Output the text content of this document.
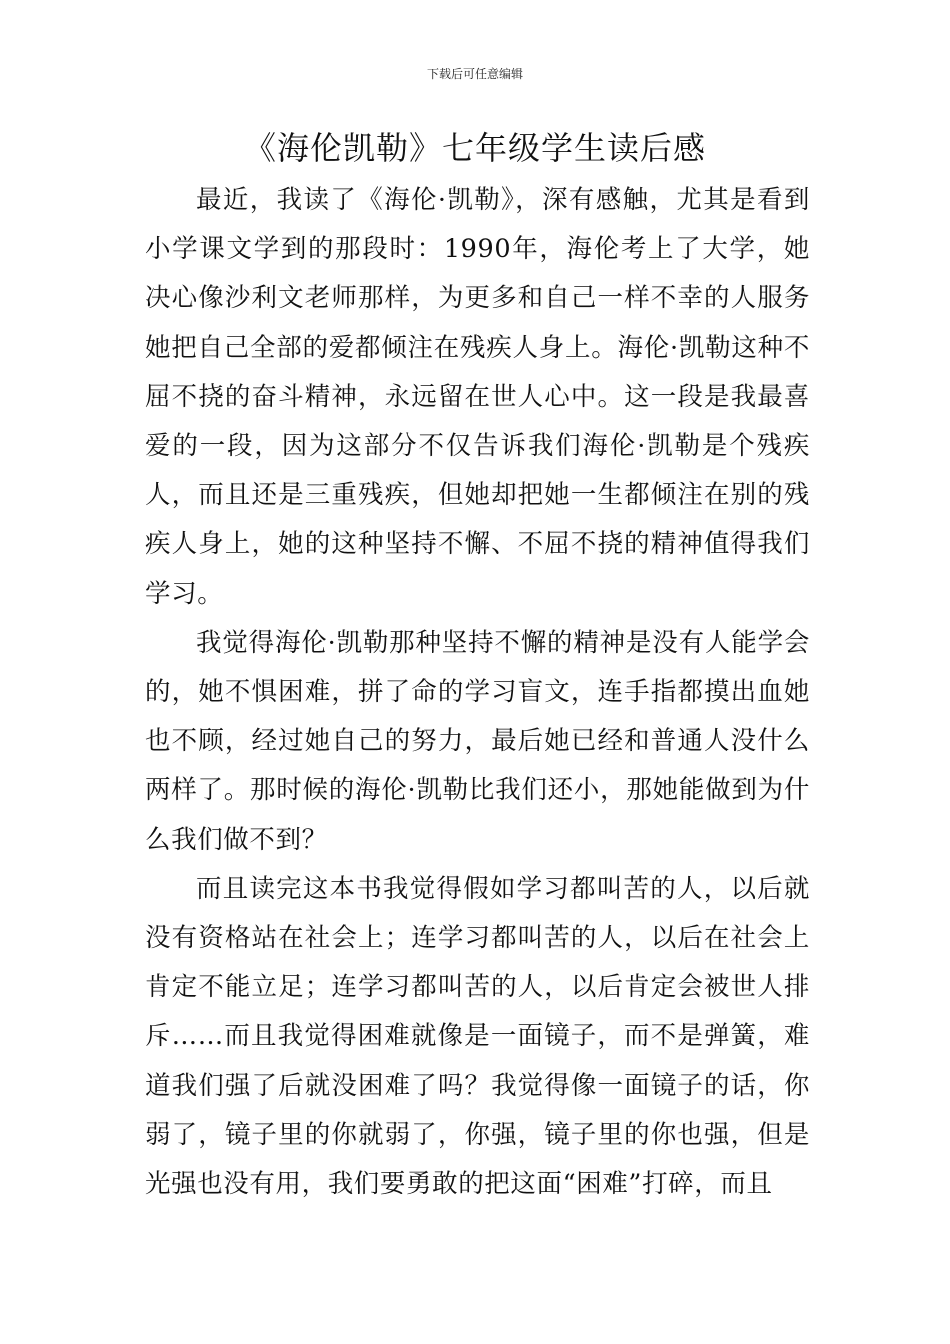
下载后可任意编辑
《海伦凯勒》七年级学生读后感

最近，我读了《海伦·凯勒》，深有感触，尤其是看到小学课文学到的那段时：1990年，海伦考上了大学，她决心像沙利文老师那样，为更多和自己一样不幸的人服务她把自己全部的爱都倾注在残疾人身上。海伦·凯勒这种不屈不挠的奋斗精神，永远留在世人心中。这一段是我最喜爱的一段，因为这部分不仅告诉我们海伦·凯勒是个残疾人，而且还是三重残疾，但她却把她一生都倾注在别的残疾人身上，她的这种坚持不懈、不屈不挠的精神值得我们学习。

我觉得海伦·凯勒那种坚持不懈的精神是没有人能学会的，她不惧困难，拼了命的学习盲文，连手指都摸出血她也不顾，经过她自己的努力，最后她已经和普通人没什么两样了。那时候的海伦·凯勒比我们还小，那她能做到为什么我们做不到？

而且读完这本书我觉得假如学习都叫苦的人，以后就没有资格站在社会上；连学习都叫苦的人，以后在社会上肯定不能立足；连学习都叫苦的人，以后肯定会被世人排斥……而且我觉得困难就像是一面镜子，而不是弹簧，难道我们强了后就没困难了吗？我觉得像一面镜子的话，你弱了，镜子里的你就弱了，你强，镜子里的你也强，但是光强也没有用，我们要勇敢的把这面“困难”打碎，而且
